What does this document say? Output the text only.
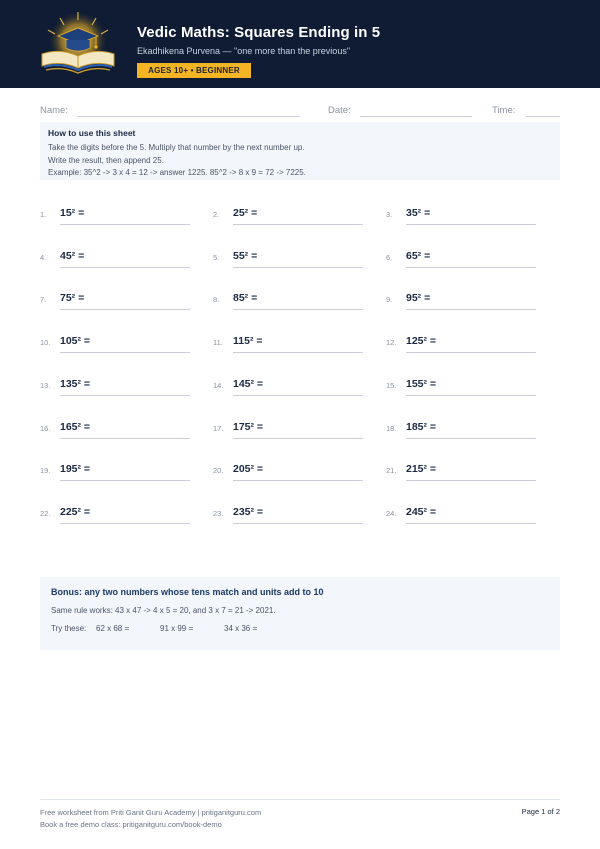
Vedic Maths: Squares Ending in 5
Ekadhikena Purvena — "one more than the previous"
AGES 10+ • BEGINNER
Name:	Date:	Time:
How to use this sheet
Take the digits before the 5. Multiply that number by the next number up.
Write the result, then append 25.
Example: 35^2 -> 3 x 4 = 12 -> answer 1225. 85^2 -> 8 x 9 = 72 -> 7225.
1. 15² =	2. 25² =	3. 35² =
4. 45² =	5. 55² =	6. 65² =
7. 75² =	8. 85² =	9. 95² =
10. 105² =	11. 115² =	12. 125² =
13. 135² =	14. 145² =	15. 155² =
16. 165² =	17. 175² =	18. 185² =
19. 195² =	20. 205² =	21. 215² =
22. 225² =	23. 235² =	24. 245² =
Bonus: any two numbers whose tens match and units add to 10
Same rule works: 43 x 47 -> 4 x 5 = 20, and 3 x 7 = 21 -> 2021.
Try these: 62 x 68 =	91 x 99 =	34 x 36 =
Free worksheet from Priti Ganit Guru Academy | pritiganitguru.com
Book a free demo class: pritiganitguru.com/book-demo
Page 1 of 2
